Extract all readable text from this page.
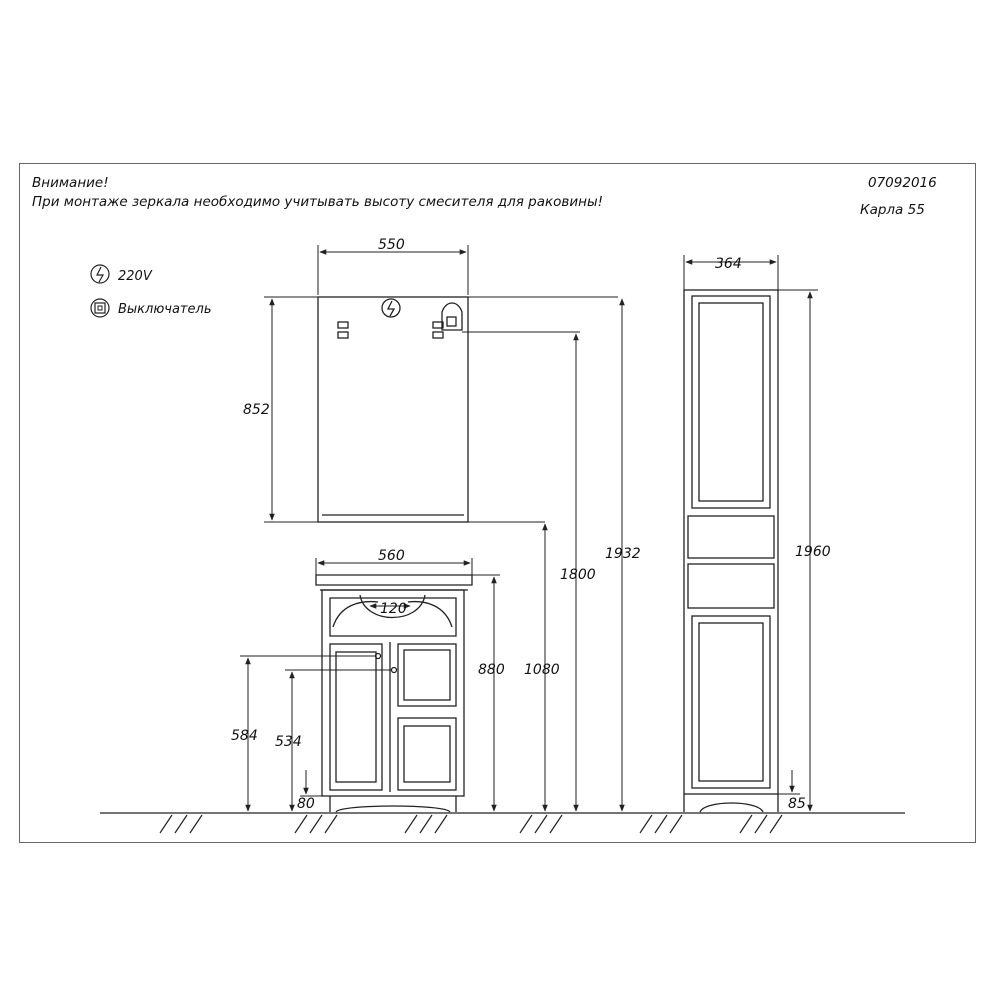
Внимание!
При монтаже зеркала необходимо учитывать высоту смесителя для раковины!
07092016
Карла 55
220V
Выключатель
550
852
560
120
584 534
80
880 1080
1800
1932
364
1960
85
